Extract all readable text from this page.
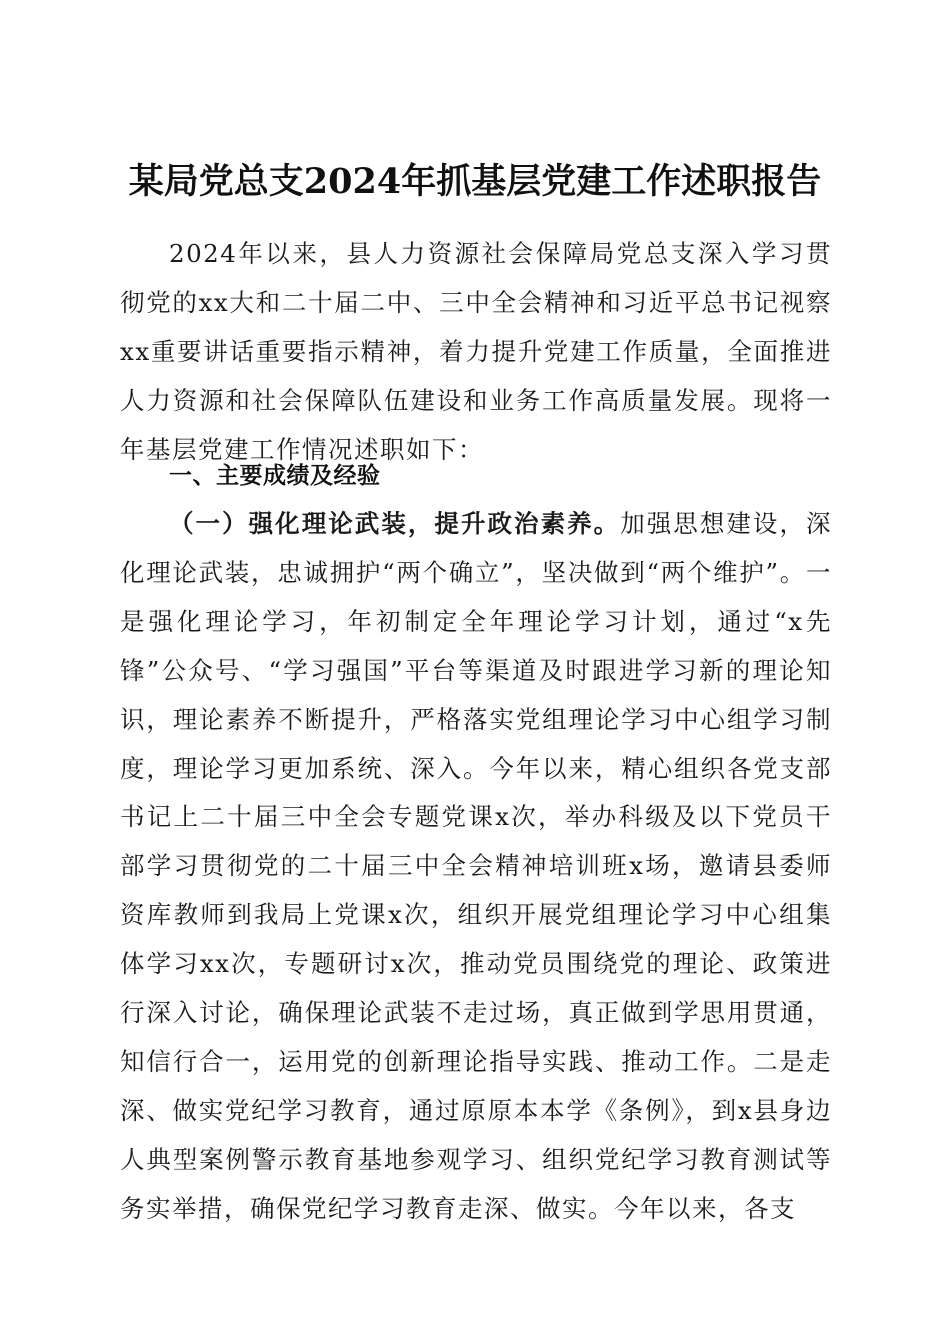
某局党总支2024年抓基层党建工作述职报告

2024年以来，县人力资源社会保障局党总支深入学习贯彻党的xx大和二十届二中、三中全会精神和习近平总书记视察xx重要讲话重要指示精神，着力提升党建工作质量，全面推进人力资源和社会保障队伍建设和业务工作高质量发展。现将一年基层党建工作情况述职如下：

一、主要成绩及经验

（一）强化理论武装，提升政治素养。加强思想建设，深化理论武装，忠诚拥护“两个确立”，坚决做到“两个维护”。一是强化理论学习，年初制定全年理论学习计划，通过“x先锋”公众号、“学习强国”平台等渠道及时跟进学习新的理论知识，理论素养不断提升，严格落实党组理论学习中心组学习制度，理论学习更加系统、深入。今年以来，精心组织各党支部书记上二十届三中全会专题党课x次，举办科级及以下党员干部学习贯彻党的二十届三中全会精神培训班x场，邀请县委师资库教师到我局上党课x次，组织开展党组理论学习中心组集体学习xx次，专题研讨x次，推动党员围绕党的理论、政策进行深入讨论，确保理论武装不走过场，真正做到学思用贯通，知信行合一，运用党的创新理论指导实践、推动工作。二是走深、做实党纪学习教育，通过原原本本学《条例》，到x县身边人典型案例警示教育基地参观学习、组织党纪学习教育测试等务实举措，确保党纪学习教育走深、做实。今年以来，各支
